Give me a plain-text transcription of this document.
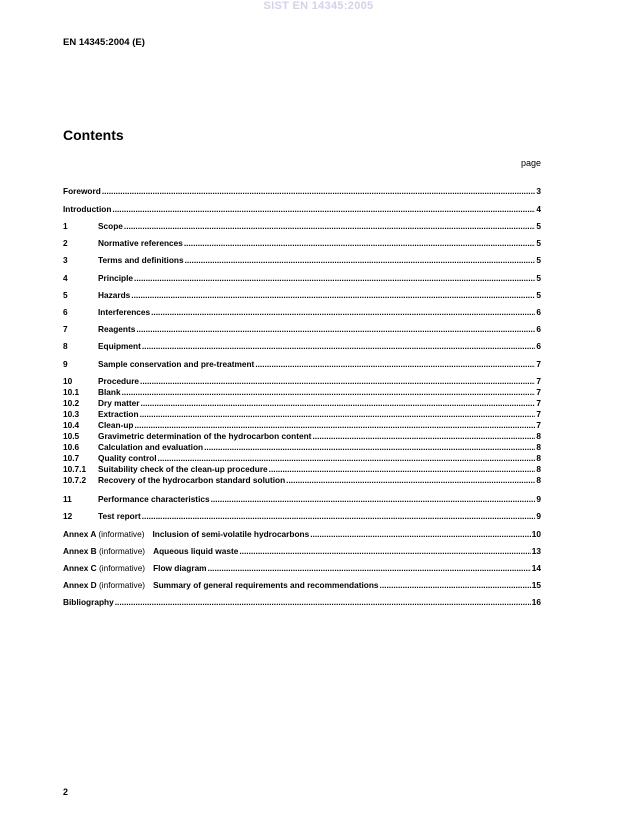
SIST EN 14345:2005
EN 14345:2004 (E)
Contents
page
Foreword .....	3
Introduction .....	4
1	Scope .....	5
2	Normative references .....	5
3	Terms and definitions .....	5
4	Principle .....	5
5	Hazards .....	5
6	Interferences .....	6
7	Reagents .....	6
8	Equipment .....	6
9	Sample conservation and pre-treatment .....	7
10	Procedure .....	7
10.1	Blank .....	7
10.2	Dry matter .....	7
10.3	Extraction .....	7
10.4	Clean-up .....	7
10.5	Gravimetric determination of the hydrocarbon content .....	8
10.6	Calculation and evaluation .....	8
10.7	Quality control .....	8
10.7.1	Suitability check of the clean-up procedure .....	8
10.7.2	Recovery of the hydrocarbon standard solution .....	8
11	Performance characteristics .....	9
12	Test report .....	9
Annex A (informative) Inclusion of semi-volatile hydrocarbons .....	10
Annex B (informative) Aqueous liquid waste .....	13
Annex C (informative) Flow diagram .....	14
Annex D (informative) Summary of general requirements and recommendations .....	15
Bibliography .....	16
2
